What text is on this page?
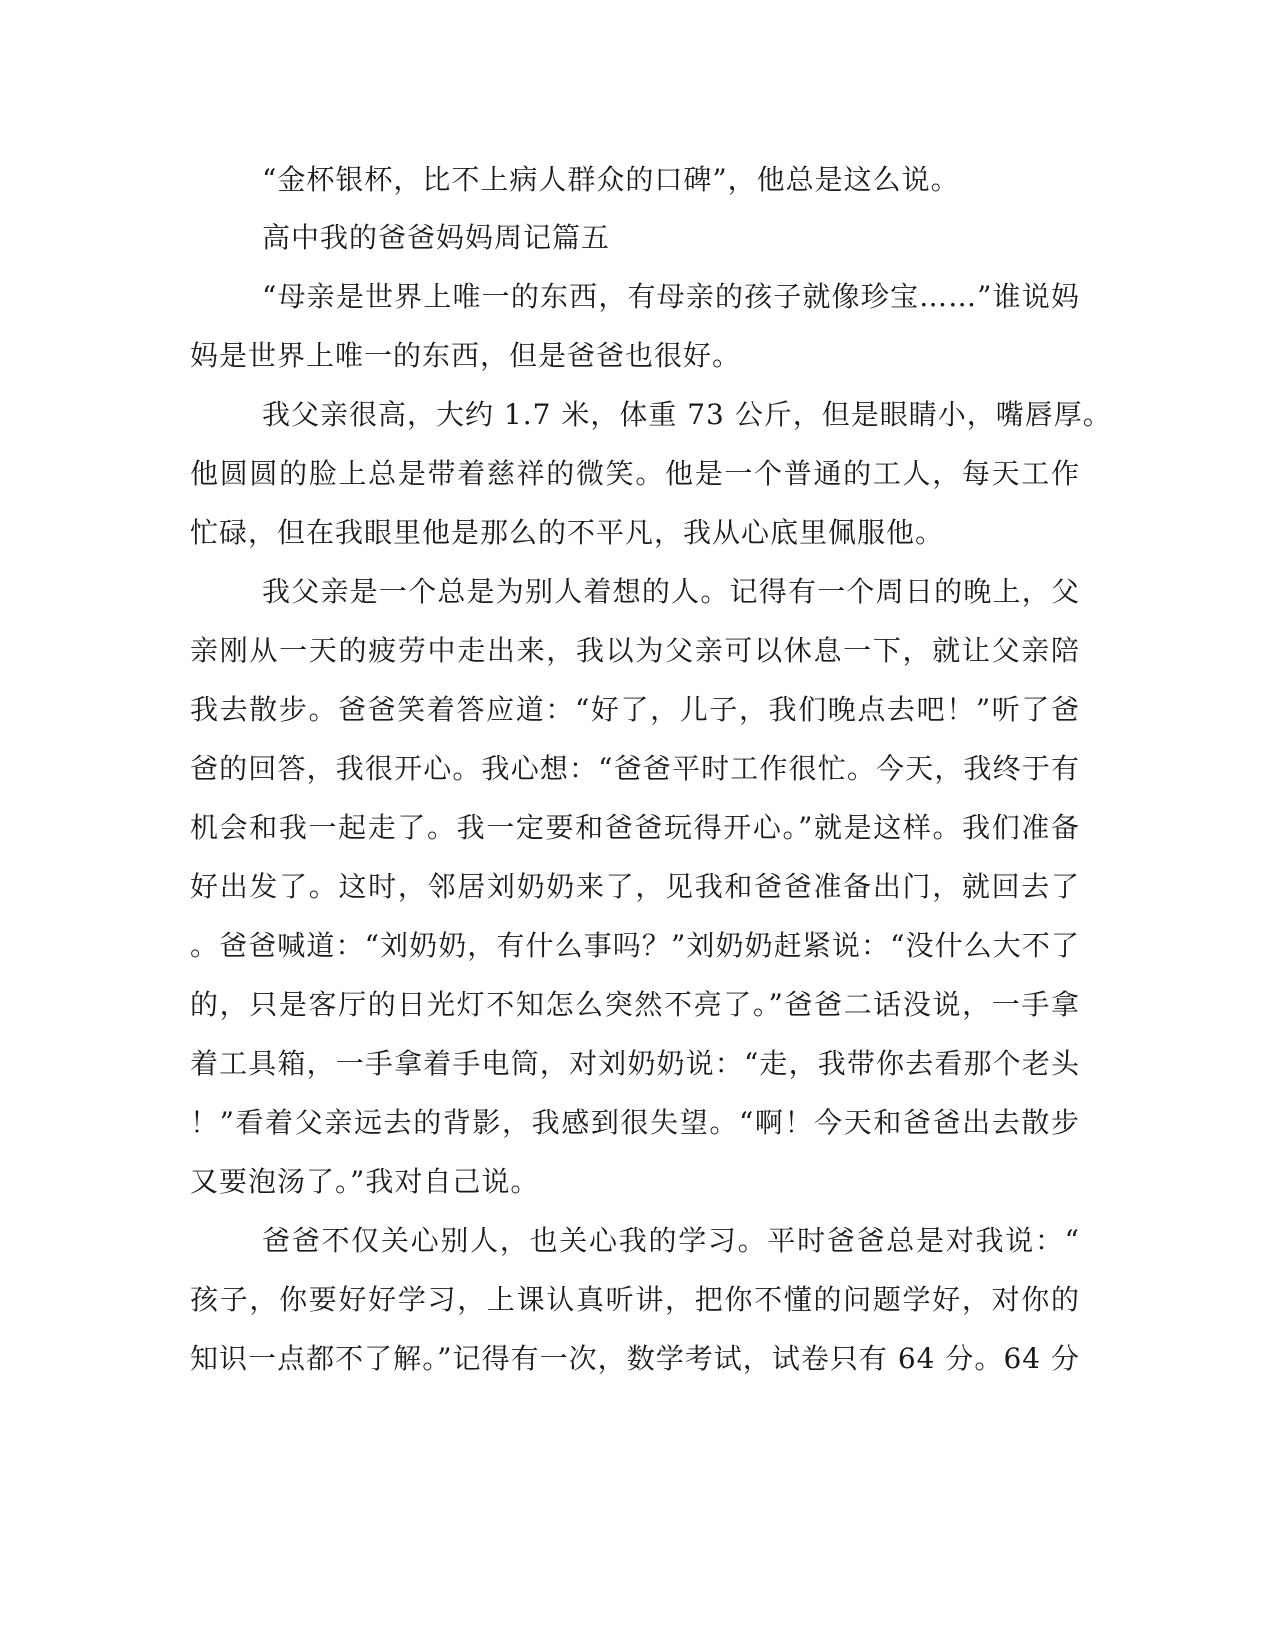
“金杯银杯，比不上病人群众的口碑”，他总是这么说。
高中我的爸爸妈妈周记篇五
“母亲是世界上唯一的东西，有母亲的孩子就像珍宝……”谁说妈
妈是世界上唯一的东西，但是爸爸也很好。
我父亲很高，大约 1.7 米，体重 73 公斤，但是眼睛小，嘴唇厚。
他圆圆的脸上总是带着慈祥的微笑。他是一个普通的工人，每天工作
忙碌，但在我眼里他是那么的不平凡，我从心底里佩服他。
我父亲是一个总是为别人着想的人。记得有一个周日的晚上，父
亲刚从一天的疲劳中走出来，我以为父亲可以休息一下，就让父亲陪
我去散步。爸爸笑着答应道：“好了，儿子，我们晚点去吧！”听了爸
爸的回答，我很开心。我心想：“爸爸平时工作很忙。今天，我终于有
机会和我一起走了。我一定要和爸爸玩得开心。”就是这样。我们准备
好出发了。这时，邻居刘奶奶来了，见我和爸爸准备出门，就回去了
。爸爸喊道：“刘奶奶，有什么事吗？”刘奶奶赶紧说：“没什么大不了
的，只是客厅的日光灯不知怎么突然不亮了。”爸爸二话没说，一手拿
着工具箱，一手拿着手电筒，对刘奶奶说：“走，我带你去看那个老头
！”看着父亲远去的背影，我感到很失望。“啊！今天和爸爸出去散步
又要泡汤了。”我对自己说。
爸爸不仅关心别人，也关心我的学习。平时爸爸总是对我说：“
孩子，你要好好学习，上课认真听讲，把你不懂的问题学好，对你的
知识一点都不了解。”记得有一次，数学考试，试卷只有 64 分。64 分
